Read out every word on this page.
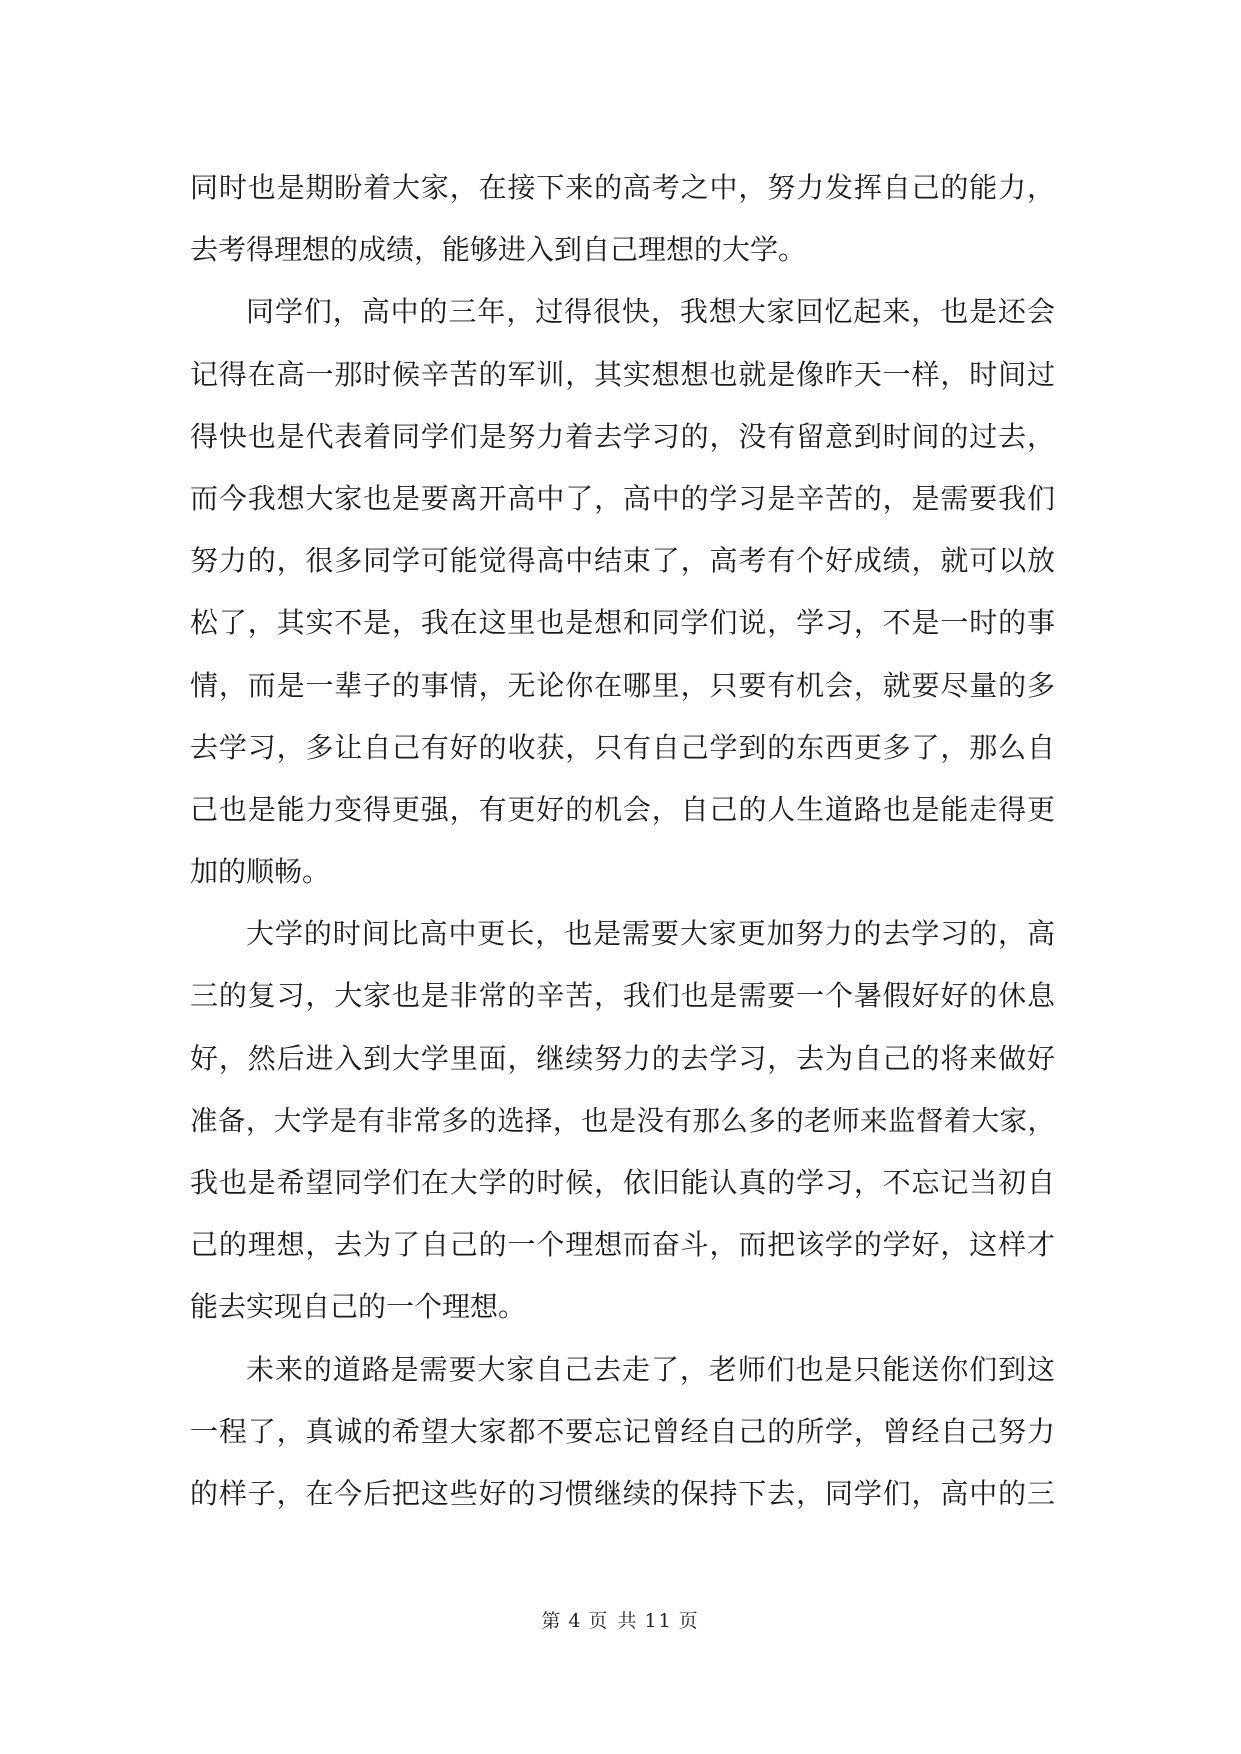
同时也是期盼着大家，在接下来的高考之中，努力发挥自己的能力，
去考得理想的成绩，能够进入到自己理想的大学。
同学们，高中的三年，过得很快，我想大家回忆起来，也是还会
记得在高一那时候辛苦的军训，其实想想也就是像昨天一样，时间过
得快也是代表着同学们是努力着去学习的，没有留意到时间的过去，
而今我想大家也是要离开高中了，高中的学习是辛苦的，是需要我们
努力的，很多同学可能觉得高中结束了，高考有个好成绩，就可以放
松了，其实不是，我在这里也是想和同学们说，学习，不是一时的事
情，而是一辈子的事情，无论你在哪里，只要有机会，就要尽量的多
去学习，多让自己有好的收获，只有自己学到的东西更多了，那么自
己也是能力变得更强，有更好的机会，自己的人生道路也是能走得更
加的顺畅。
大学的时间比高中更长，也是需要大家更加努力的去学习的，高
三的复习，大家也是非常的辛苦，我们也是需要一个暑假好好的休息
好，然后进入到大学里面，继续努力的去学习，去为自己的将来做好
准备，大学是有非常多的选择，也是没有那么多的老师来监督着大家，
我也是希望同学们在大学的时候，依旧能认真的学习，不忘记当初自
己的理想，去为了自己的一个理想而奋斗，而把该学的学好，这样才
能去实现自己的一个理想。
未来的道路是需要大家自己去走了，老师们也是只能送你们到这
一程了，真诚的希望大家都不要忘记曾经自己的所学，曾经自己努力
的样子，在今后把这些好的习惯继续的保持下去，同学们，高中的三
第 4 页 共 11 页
